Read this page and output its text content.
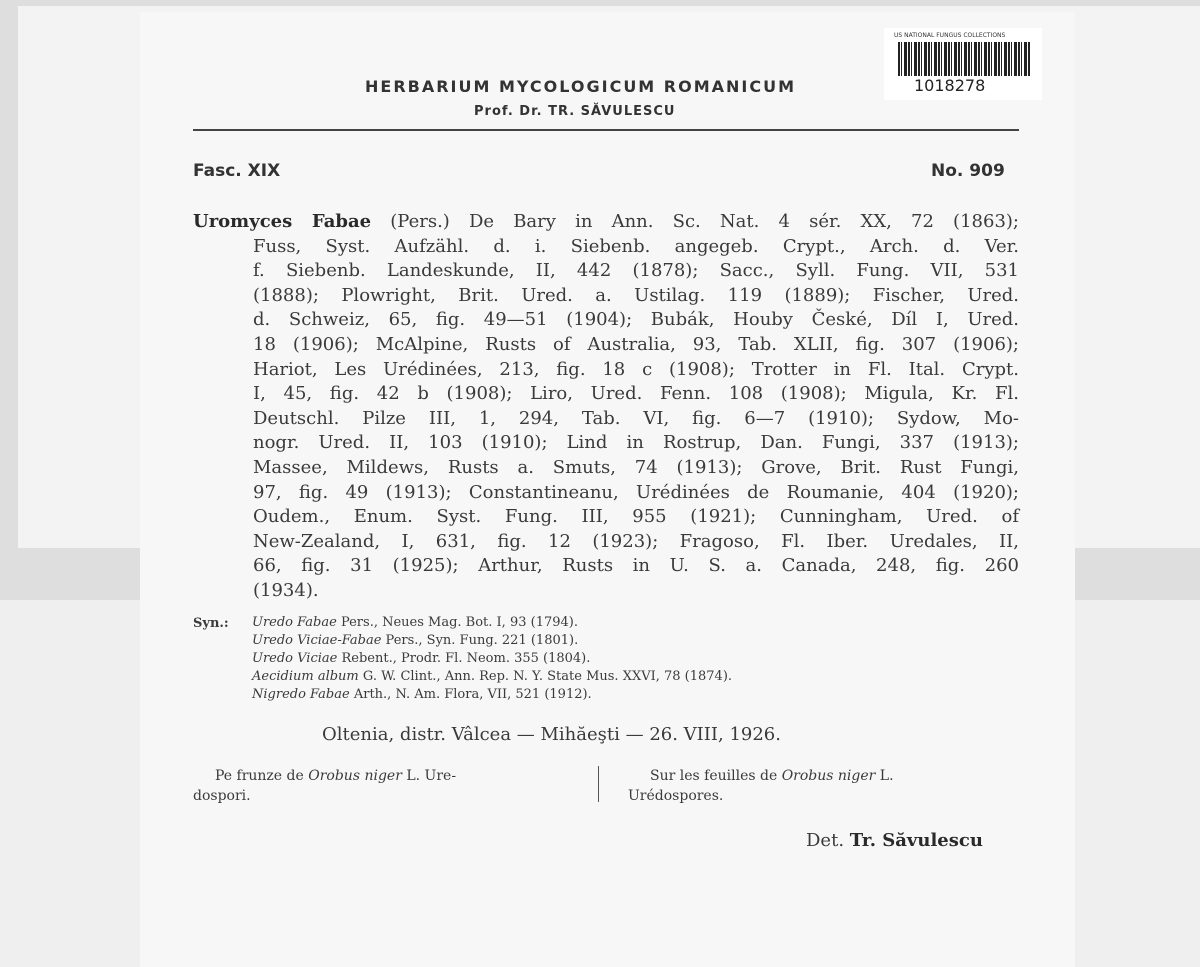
US NATIONAL FUNGUS COLLECTIONS
1018278
HERBARIUM MYCOLOGICUM ROMANICUM
Prof. Dr. TR. SĂVULESCU
Fasc. XIX	No. 909
Uromyces Fabae (Pers.) De Bary in Ann. Sc. Nat. 4 sér. XX, 72 (1863);
Fuss, Syst. Aufzähl. d. i. Siebenb. angegeb. Crypt., Arch. d. Ver.
f. Siebenb. Landeskunde, II, 442 (1878); Sacc., Syll. Fung. VII, 531
(1888); Plowright, Brit. Ured. a. Ustilag. 119 (1889); Fischer, Ured.
d. Schweiz, 65, fig. 49—51 (1904); Bubák, Houby České, Díl I, Ured.
18 (1906); McAlpine, Rusts of Australia, 93, Tab. XLII, fig. 307 (1906);
Hariot, Les Urédinées, 213, fig. 18 c (1908); Trotter in Fl. Ital. Crypt.
I, 45, fig. 42 b (1908); Liro, Ured. Fenn. 108 (1908); Migula, Kr. Fl.
Deutschl. Pilze III, 1, 294, Tab. VI, fig. 6—7 (1910); Sydow, Mo-
nogr. Ured. II, 103 (1910); Lind in Rostrup, Dan. Fungi, 337 (1913);
Massee, Mildews, Rusts a. Smuts, 74 (1913); Grove, Brit. Rust Fungi,
97, fig. 49 (1913); Constantineanu, Urédinées de Roumanie, 404 (1920);
Oudem., Enum. Syst. Fung. III, 955 (1921); Cunningham, Ured. of
New-Zealand, I, 631, fig. 12 (1923); Fragoso, Fl. Iber. Uredales, II,
66, fig. 31 (1925); Arthur, Rusts in U. S. a. Canada, 248, fig. 260
(1934).
Syn.: Uredo Fabae Pers., Neues Mag. Bot. I, 93 (1794).
Uredo Viciae-Fabae Pers., Syn. Fung. 221 (1801).
Uredo Viciae Rebent., Prodr. Fl. Neom. 355 (1804).
Aecidium album G. W. Clint., Ann. Rep. N. Y. State Mus. XXVI, 78 (1874).
Nigredo Fabae Arth., N. Am. Flora, VII, 521 (1912).
Oltenia, distr. Vâlcea — Mihăeşti — 26. VIII, 1926.
Pe frunze de Orobus niger L. Ure-
dospori.
Sur les feuilles de Orobus niger L.
Urédospores.
Det. Tr. Săvulescu
